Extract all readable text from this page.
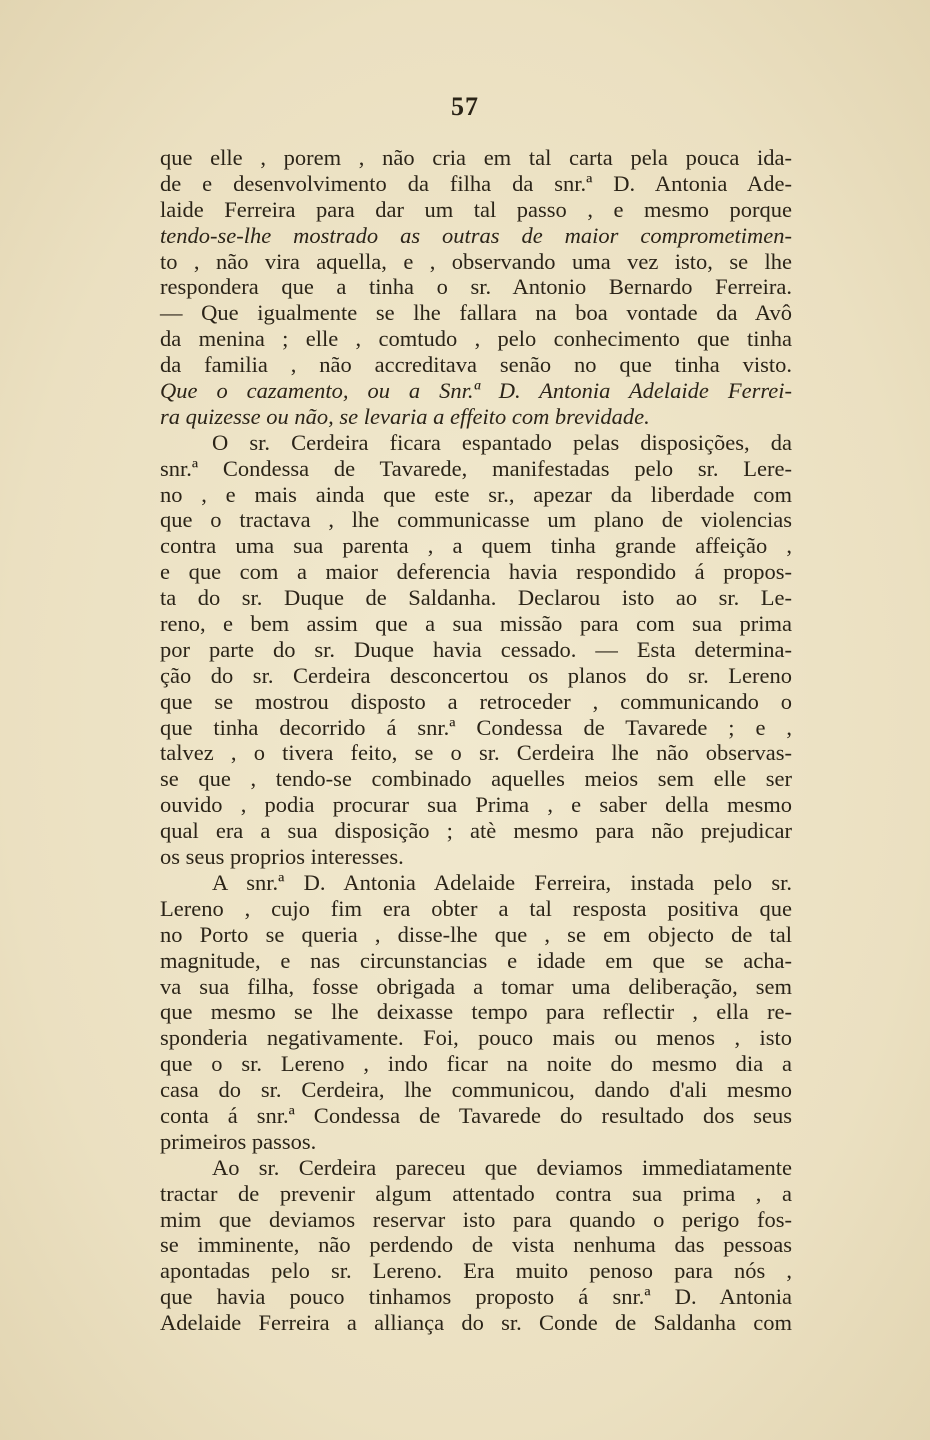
57
que elle , porem , não cria em tal carta pela pouca ida-
de e desenvolvimento da filha da snr.ª D. Antonia Ade-
laide Ferreira para dar um tal passo , e mesmo porque
tendo-se-lhe mostrado as outras de maior comprometimen-
to , não vira aquella, e , observando uma vez isto, se lhe
respondera que a tinha o sr. Antonio Bernardo Ferreira.
— Que igualmente se lhe fallara na boa vontade da Avô
da menina ; elle , comtudo , pelo conhecimento que tinha
da familia , não accreditava senão no que tinha visto.
Que o cazamento, ou a Snr.ª D. Antonia Adelaide Ferrei-
ra quizesse ou não, se levaria a effeito com brevidade.
O sr. Cerdeira ficara espantado pelas disposições, da
snr.ª Condessa de Tavarede, manifestadas pelo sr. Lere-
no , e mais ainda que este sr., apezar da liberdade com
que o tractava , lhe communicasse um plano de violencias
contra uma sua parenta , a quem tinha grande affeição ,
e que com a maior deferencia havia respondido á propos-
ta do sr. Duque de Saldanha. Declarou isto ao sr. Le-
reno, e bem assim que a sua missão para com sua prima
por parte do sr. Duque havia cessado. — Esta determina-
ção do sr. Cerdeira desconcertou os planos do sr. Lereno
que se mostrou disposto a retroceder , communicando o
que tinha decorrido á snr.ª Condessa de Tavarede ; e ,
talvez , o tivera feito, se o sr. Cerdeira lhe não observas-
se que , tendo-se combinado aquelles meios sem elle ser
ouvido , podia procurar sua Prima , e saber della mesmo
qual era a sua disposição ; atè mesmo para não prejudicar
os seus proprios interesses.
A snr.ª D. Antonia Adelaide Ferreira, instada pelo sr.
Lereno , cujo fim era obter a tal resposta positiva que
no Porto se queria , disse-lhe que , se em objecto de tal
magnitude, e nas circunstancias e idade em que se acha-
va sua filha, fosse obrigada a tomar uma deliberação, sem
que mesmo se lhe deixasse tempo para reflectir , ella re-
sponderia negativamente. Foi, pouco mais ou menos , isto
que o sr. Lereno , indo ficar na noite do mesmo dia a
casa do sr. Cerdeira, lhe communicou, dando d'ali mesmo
conta á snr.ª Condessa de Tavarede do resultado dos seus
primeiros passos.
Ao sr. Cerdeira pareceu que deviamos immediatamente
tractar de prevenir algum attentado contra sua prima , a
mim que deviamos reservar isto para quando o perigo fos-
se imminente, não perdendo de vista nenhuma das pessoas
apontadas pelo sr. Lereno. Era muito penoso para nós ,
que havia pouco tinhamos proposto á snr.ª D. Antonia
Adelaide Ferreira a alliança do sr. Conde de Saldanha com
